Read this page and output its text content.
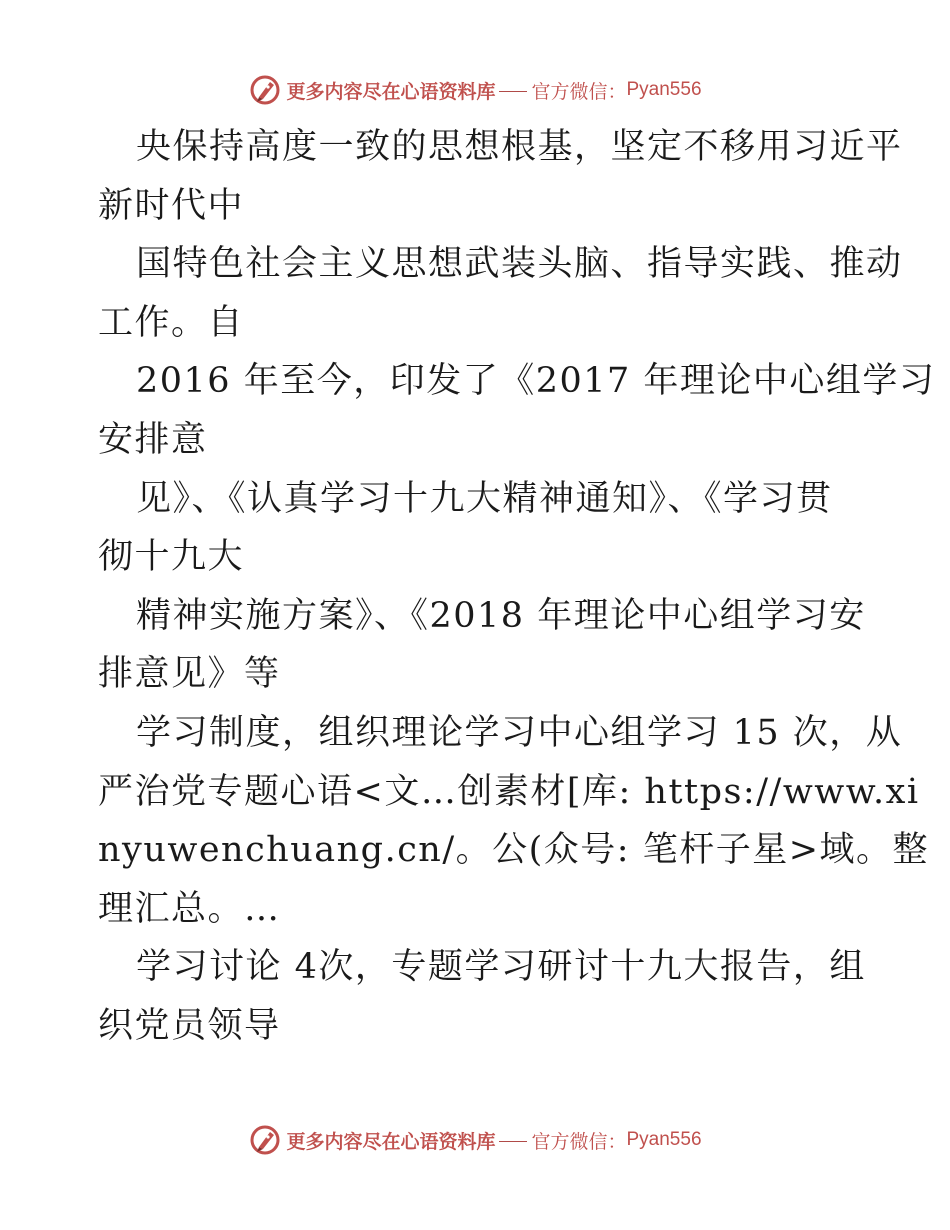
更多内容尽在心语资料库 官方微信： Pyan556
央保持高度一致的思想根基，坚定不移用习近平
新时代中
国特色社会主义思想武装头脑、指导实践、推动
工作。自
2016 年至今，印发了《2017 年理论中心组学习
安排意
见》、《认真学习十九大精神通知》、《学习贯
彻十九大
精神实施方案》、《2018 年理论中心组学习安
排意见》等
学习制度，组织理论学习中心组学习 15 次，从
严治党专题心语<文…创素材[库: https://www.xi
nyuwenchuang.cn/。公(众号: 笔杆子星>域。整
理汇总。…
学习讨论 4次，专题学习研讨十九大报告，组
织党员领导
更多内容尽在心语资料库 官方微信： Pyan556
